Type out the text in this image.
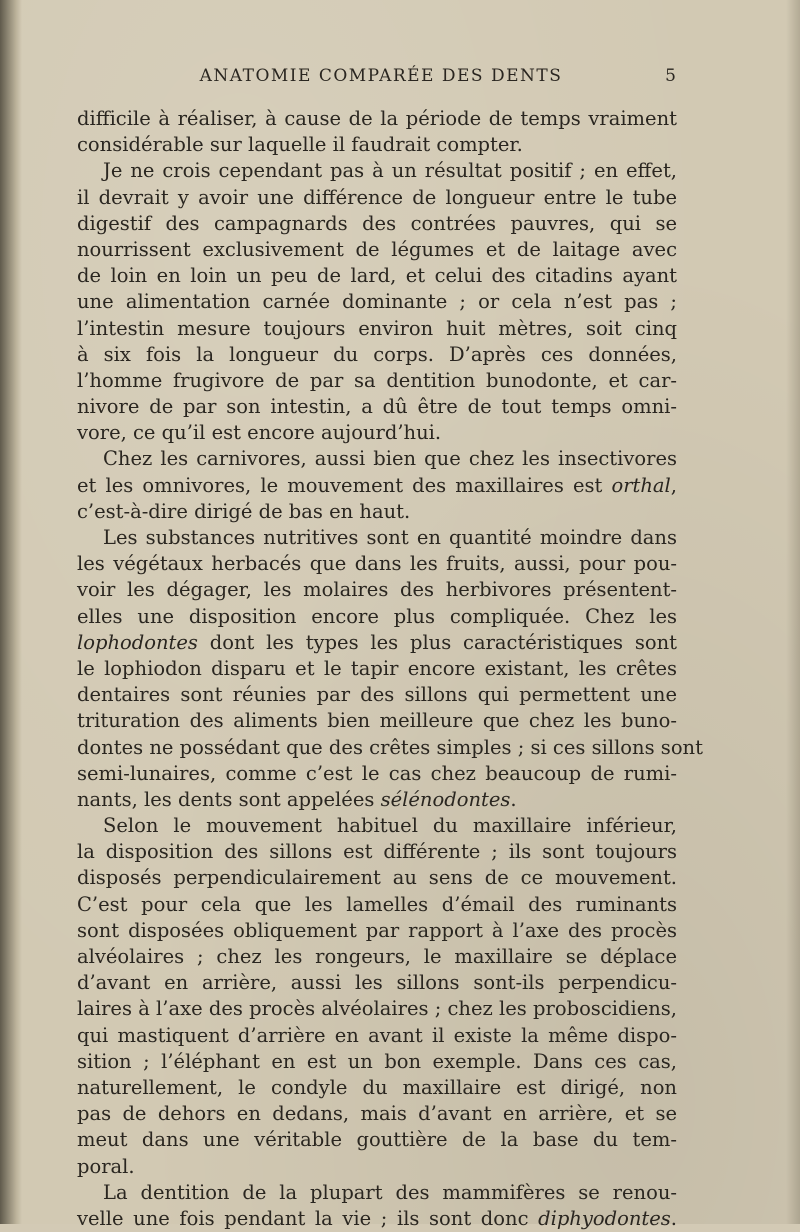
ANATOMIE COMPARÉE DES DENTS	5
difficile à réaliser, à cause de la période de temps vraiment
considérable sur laquelle il faudrait compter.
Je ne crois cependant pas à un résultat positif ; en effet,
il devrait y avoir une différence de longueur entre le tube
digestif des campagnards des contrées pauvres, qui se
nourrissent exclusivement de légumes et de laitage avec
de loin en loin un peu de lard, et celui des citadins ayant
une alimentation carnée dominante ; or cela n’est pas ;
l’intestin mesure toujours environ huit mètres, soit cinq
à six fois la longueur du corps. D’après ces données,
l’homme frugivore de par sa dentition bunodonte, et car-
nivore de par son intestin, a dû être de tout temps omni-
vore, ce qu’il est encore aujourd’hui.
Chez les carnivores, aussi bien que chez les insectivores
et les omnivores, le mouvement des maxillaires est orthal,
c’est-à-dire dirigé de bas en haut.
Les substances nutritives sont en quantité moindre dans
les végétaux herbacés que dans les fruits, aussi, pour pou-
voir les dégager, les molaires des herbivores présentent-
elles une disposition encore plus compliquée. Chez les
lophodontes dont les types les plus caractéristiques sont
le lophiodon disparu et le tapir encore existant, les crêtes
dentaires sont réunies par des sillons qui permettent une
trituration des aliments bien meilleure que chez les buno-
dontes ne possédant que des crêtes simples ; si ces sillons sont
semi-lunaires, comme c’est le cas chez beaucoup de rumi-
nants, les dents sont appelées sélénodontes.
Selon le mouvement habituel du maxillaire inférieur,
la disposition des sillons est différente ; ils sont toujours
disposés perpendiculairement au sens de ce mouvement.
C’est pour cela que les lamelles d’émail des ruminants
sont disposées obliquement par rapport à l’axe des procès
alvéolaires ; chez les rongeurs, le maxillaire se déplace
d’avant en arrière, aussi les sillons sont-ils perpendicu-
laires à l’axe des procès alvéolaires ; chez les proboscidiens,
qui mastiquent d’arrière en avant il existe la même dispo-
sition ; l’éléphant en est un bon exemple. Dans ces cas,
naturellement, le condyle du maxillaire est dirigé, non
pas de dehors en dedans, mais d’avant en arrière, et se
meut dans une véritable gouttière de la base du tem-
poral.
La dentition de la plupart des mammifères se renou-
velle une fois pendant la vie ; ils sont donc diphyodontes.
